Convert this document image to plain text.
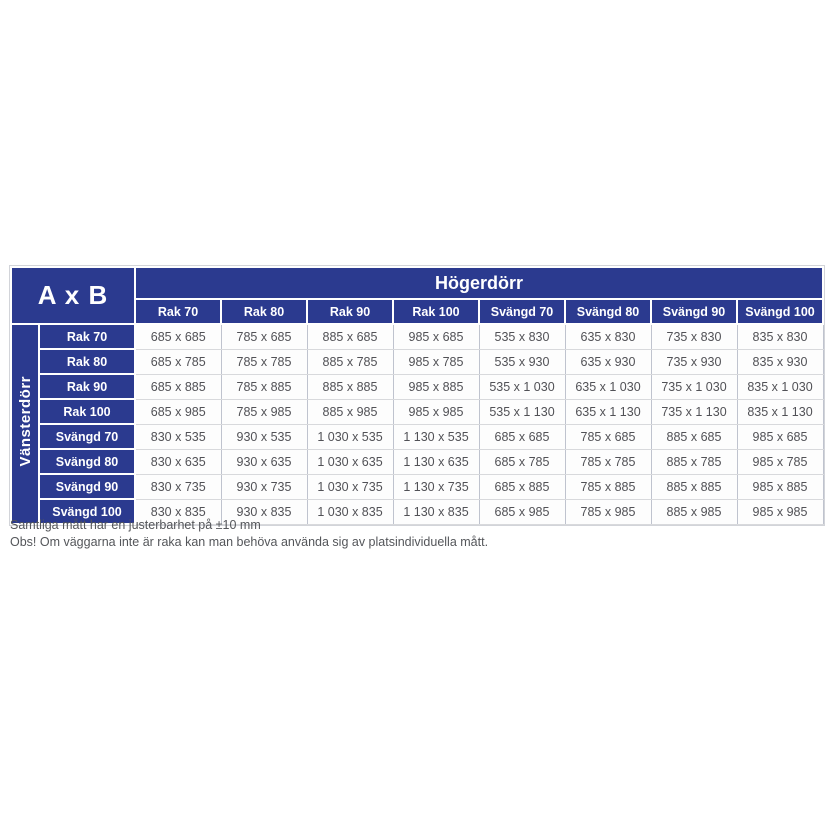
A x B		Högerdörr							
		Rak 70	Rak 80	Rak 90	Rak 100	Svängd 70	Svängd 80	Svängd 90	Svängd 100
Vänsterdörr	Rak 70	685 x 685	785 x 685	885 x 685	985 x 685	535 x 830	635 x 830	735 x 830	835 x 830
	Rak 80	685 x 785	785 x 785	885 x 785	985 x 785	535 x 930	635 x 930	735 x 930	835 x 930
	Rak 90	685 x 885	785 x 885	885 x 885	985 x 885	535 x 1 030	635 x 1 030	735 x 1 030	835 x 1 030
	Rak 100	685 x 985	785 x 985	885 x 985	985 x 985	535 x 1 130	635 x 1 130	735 x 1 130	835 x 1 130
	Svängd 70	830 x 535	930 x 535	1 030 x 535	1 130 x 535	685 x 685	785 x 685	885 x 685	985 x 685
	Svängd 80	830 x 635	930 x 635	1 030 x 635	1 130 x 635	685 x 785	785 x 785	885 x 785	985 x 785
	Svängd 90	830 x 735	930 x 735	1 030 x 735	1 130 x 735	685 x 885	785 x 885	885 x 885	985 x 885
	Svängd 100	830 x 835	930 x 835	1 030 x 835	1 130 x 835	685 x 985	785 x 985	885 x 985	985 x 985
Samtliga mått har en justerbarhet på ±10 mm
Obs! Om väggarna inte är raka kan man behöva använda sig av platsindividuella mått.
